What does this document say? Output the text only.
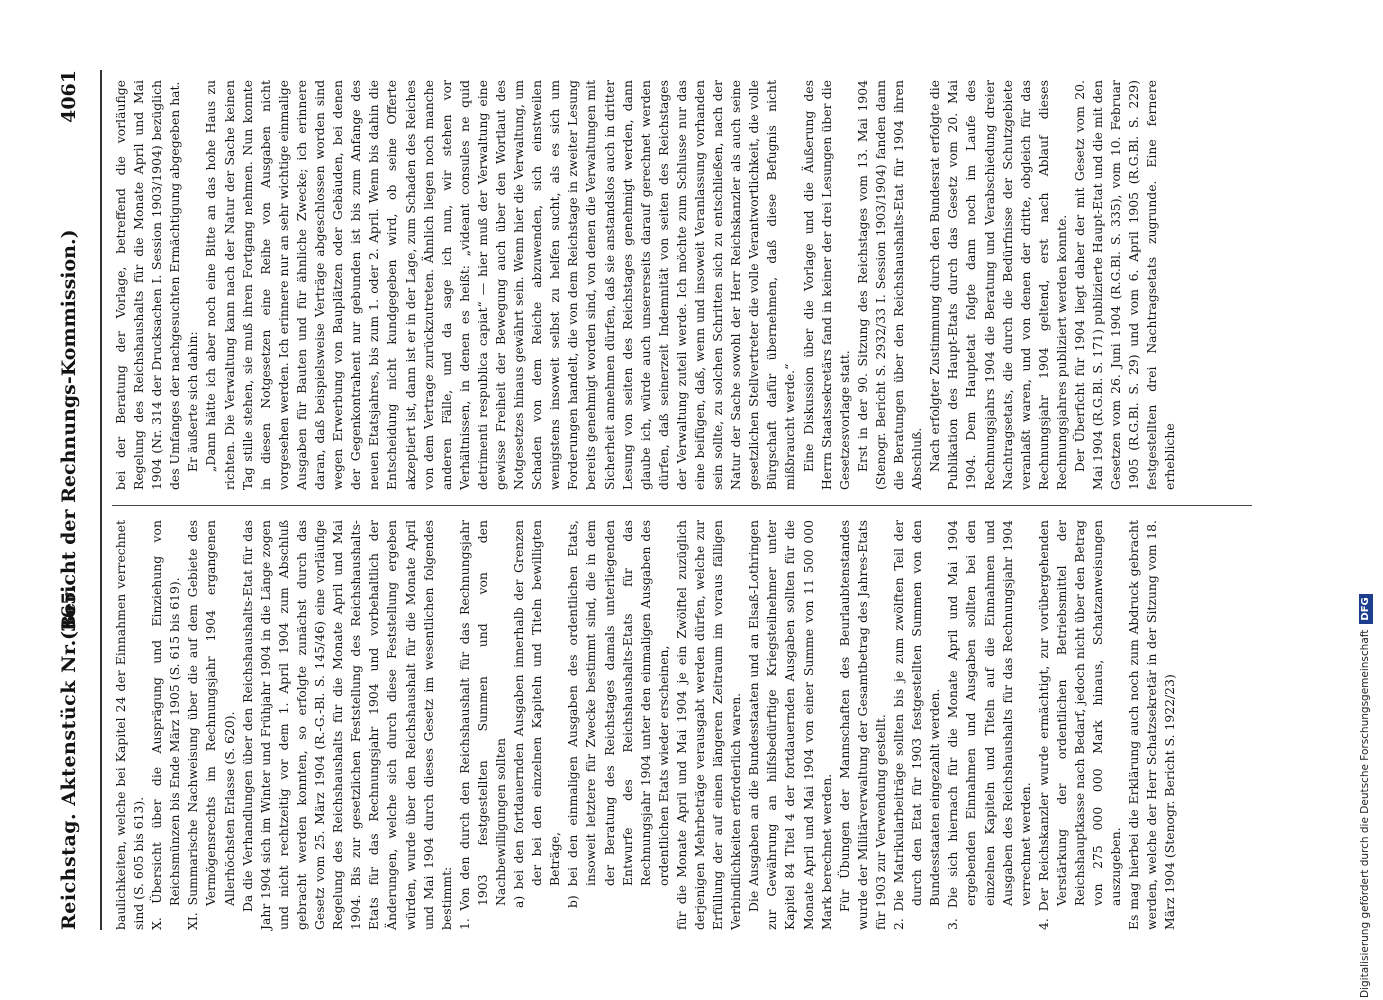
Reichstag. Aktenstück Nr. 365.
(Bericht der Rechnungs-Kommission.)
4061

baulichkeiten, welche bei Kapitel 24 der Einnahmen verrechnet sind (S. 605 bis 613). X. Übersicht über die Ausprägung und Einziehung von Reichsmünzen bis Ende März 1905 (S. 615 bis 619). XI. Summarische Nachweisung über die auf dem Gebiete des Vermögensrechts im Rechnungsjahr 1904 ergangenen Allerhöchsten Erlasse (S. 620). Da die Verhandlungen über den Reichshaushalts-Etat für das Jahr 1904 sich im Winter und Frühjahr 1904 in die Länge zogen und nicht rechtzeitig vor dem 1. April 1904 zum Abschluß gebracht werden konnten, so erfolgte zunächst durch das Gesetz vom 25. März 1904 (R.-G.-Bl. S. 145/46) eine vorläufige Regelung des Reichshaushalts für die Monate April und Mai 1904. Bis zur gesetzlichen Feststellung des Reichshaushalts-Etats für das Rechnungsjahr 1904 und vorbehaltlich der Änderungen, welche sich durch diese Feststellung ergeben würden, wurde über den Reichshaushalt für die Monate April und Mai 1904 durch dieses Gesetz im wesentlichen folgendes bestimmt: 1. Von den durch den Reichshaushalt für das Rechnungsjahr 1903 festgestellten Summen und von den Nachbewilligungen sollten a) bei den fortdauernden Ausgaben innerhalb der Grenzen der bei den einzelnen Kapiteln und Titeln bewilligten Beträge, b) bei den einmaligen Ausgaben des ordentlichen Etats, insoweit letztere für Zwecke bestimmt sind, die in dem der Beratung des Reichstages damals unterliegenden Entwurfe des Reichshaushalts-Etats für das Rechnungsjahr 1904 unter den einmaligen Ausgaben des ordentlichen Etats wieder erscheinen, für die Monate April und Mai 1904 je ein Zwölftel zuzüglich derjenigen Mehrbeträge verausgabt werden dürfen, welche zur Erfüllung der auf einen längeren Zeitraum im voraus fälligen Verbindlichkeiten erforderlich waren. Die Ausgaben an die Bundesstaaten und an Elsaß-Lothringen zur Gewährung an hilfsbedürftige Kriegsteilnehmer unter Kapitel 84 Titel 4 der fortdauernden Ausgaben sollten für die Monate April und Mai 1904 von einer Summe von 11 500 000 Mark berechnet werden. Für Übungen der Mannschaften des Beurlaubtenstandes wurde der Militärverwaltung der Gesamtbetrag des Jahres-Etats für 1903 zur Verwendung gestellt. 2. Die Matrikularbeiträge sollten bis je zum zwölften Teil der durch den Etat für 1903 festgestellten Summen von den Bundesstaaten eingezahlt werden. 3. Die sich hiernach für die Monate April und Mai 1904 ergebenden Einnahmen und Ausgaben sollten bei den einzelnen Kapiteln und Titeln auf die Einnahmen und Ausgaben des Reichshaushalts für das Rechnungsjahr 1904 verrechnet werden. 4. Der Reichskanzler wurde ermächtigt, zur vorübergehenden Verstärkung der ordentlichen Betriebsmittel der Reichshauptkasse nach Bedarf, jedoch nicht über den Betrag von 275 000 000 Mark hinaus, Schatzanweisungen auszugeben. Es mag hierbei die Erklärung auch noch zum Abdruck gebracht werden, welche der Herr Schatzsekretär in der Sitzung vom 18. März 1904 (Stenogr. Bericht S. 1922/23)

bei der Beratung der Vorlage, betreffend die vorläufige Regelung des Reichshaushalts für die Monate April und Mai 1904 (Nr. 314 der Drucksachen I. Session 1903/1904) bezüglich des Umfanges der nachgesuchten Ermächtigung abgegeben hat. Er äußerte sich dahin: „Dann hätte ich aber noch eine Bitte an das hohe Haus zu richten. Die Verwaltung kann nach der Natur der Sache keinen Tag stille stehen, sie muß ihren Fortgang nehmen. Nun konnte in diesen Notgesetzen eine Reihe von Ausgaben nicht vorgesehen werden. Ich erinnere nur an sehr wichtige einmalige Ausgaben für Bauten und für ähnliche Zwecke; ich erinnere daran, daß beispielsweise Verträge abgeschlossen worden sind wegen Erwerbung von Bauplätzen oder Gebäuden, bei denen der Gegenkontrahent nur gebunden ist bis zum Anfange des neuen Etatsjahres, bis zum 1. oder 2. April. Wenn bis dahin die Entscheidung nicht kundgegeben wird, ob seine Offerte akzeptiert ist, dann ist er in der Lage, zum Schaden des Reiches von dem Vertrage zurückzutreten. Ähnlich liegen noch manche anderen Fälle, und da sage ich nun, wir stehen vor Verhältnissen, in denen es heißt: „videant consules ne quid detrimenti respublica capiat“ — hier muß der Verwaltung eine gewisse Freiheit der Bewegung auch über den Wortlaut des Notgesetzes hinaus gewährt sein. Wenn hier die Verwaltung, um Schaden von dem Reiche abzuwenden, sich einstweilen wenigstens insoweit selbst zu helfen sucht, als es sich um Forderungen handelt, die von dem Reichstage in zweiter Lesung bereits genehmigt worden sind, von denen die Verwaltungen mit Sicherheit annehmen dürfen, daß sie anstandslos auch in dritter Lesung von seiten des Reichstages genehmigt werden, dann glaube ich, würde auch unsererseits darauf gerechnet werden dürfen, daß seinerzeit Indemnität von seiten des Reichstages der Verwaltung zuteil werde. Ich möchte zum Schlusse nur das eine beifügen, daß, wenn und insoweit Veranlassung vorhanden sein sollte, zu solchen Schritten sich zu entschließen, nach der Natur der Sache sowohl der Herr Reichskanzler als auch seine gesetzlichen Stellvertreter die volle Verantwortlichkeit, die volle Bürgschaft dafür übernehmen, daß diese Befugnis nicht mißbraucht werde.“ Eine Diskussion über die Vorlage und die Äußerung des Herrn Staatssekretärs fand in keiner der drei Lesungen über die Gesetzesvorlage statt. Erst in der 90. Sitzung des Reichstages vom 13. Mai 1904 (Stenogr. Bericht S. 2932/33 I. Session 1903/1904) fanden dann die Beratungen über den Reichshaushalts-Etat für 1904 ihren Abschluß. Nach erfolgter Zustimmung durch den Bundesrat erfolgte die Publikation des Haupt-Etats durch das Gesetz vom 20. Mai 1904. Dem Hauptetat folgte dann noch im Laufe des Rechnungsjahrs 1904 die Beratung und Verabschiedung dreier Nachtragsetats, die durch die Bedürfnisse der Schutzgebiete veranlaßt waren, und von denen der dritte, obgleich für das Rechnungsjahr 1904 geltend, erst nach Ablauf dieses Rechnungsjahres publiziert werden konnte. Der Überficht für 1904 liegt daher der mit Gesetz vom 20. Mai 1904 (R.G.Bl. S. 171) publizierte Haupt-Etat und die mit den Gesetzen vom 26. Juni 1904 (R.G.Bl. S. 335), vom 10. Februar 1905 (R.G.Bl. S. 29) und vom 6. April 1905 (R.G.Bl. S. 229) festgestellten drei Nachtragsetats zugrunde. Eine fernere erhebliche

Digitalisierung gefördert durch die Deutsche ForschungsgemeinschaftDFG
